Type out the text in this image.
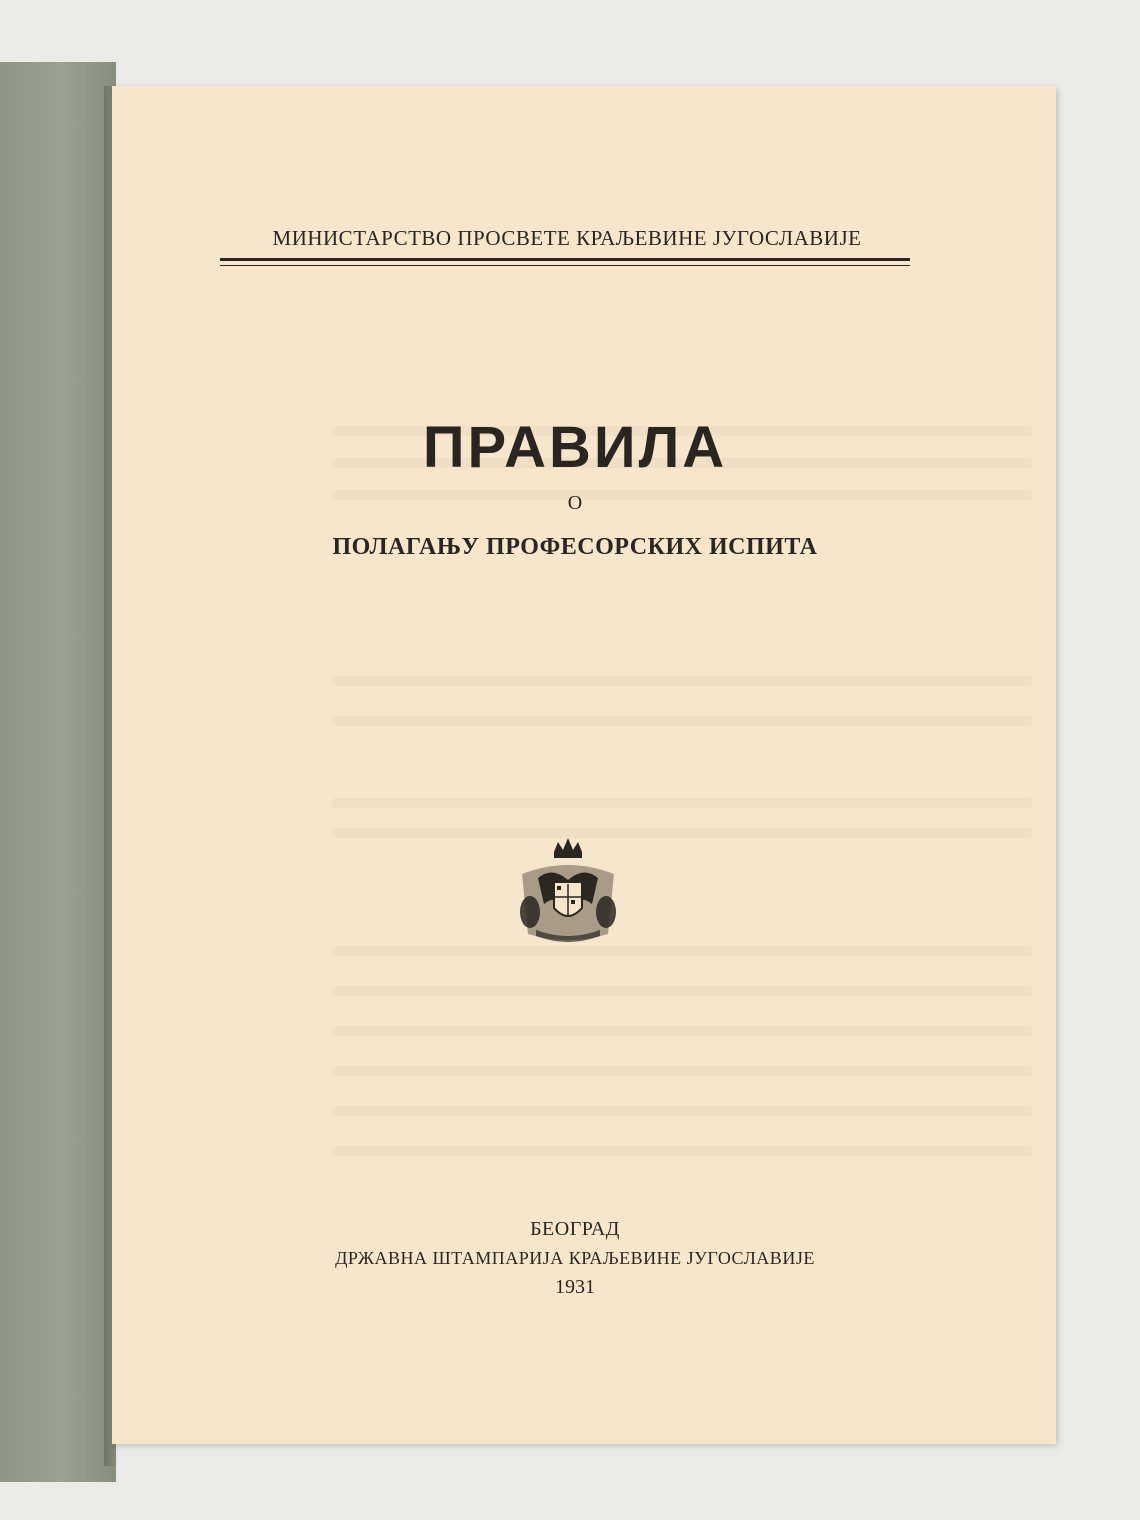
МИНИСТАРСТВО ПРОСВЕТЕ КРАЉЕВИНЕ ЈУГОСЛАВИЈЕ

ПРАВИЛА

О

ПОЛАГАЊУ ПРОФЕСОРСКИХ ИСПИТА

БЕОГРАД

ДРЖАВНА ШТАМПАРИЈА КРАЉЕВИНЕ ЈУГОСЛАВИЈЕ

1931
